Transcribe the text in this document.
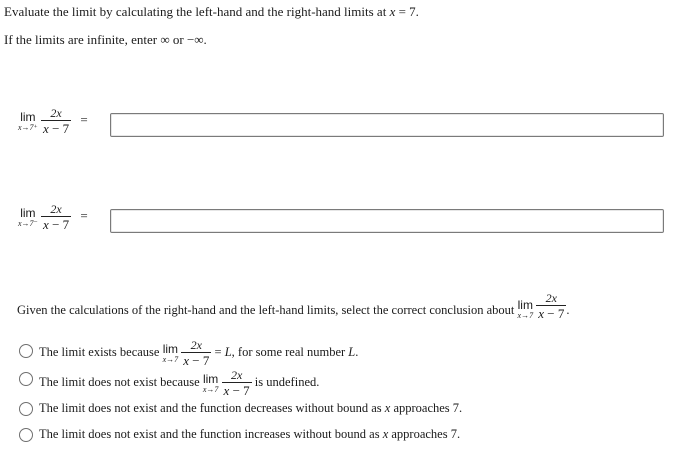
Evaluate the limit by calculating the left-hand and the right-hand limits at x = 7.
If the limits are infinite, enter ∞ or −∞.
lim
x→7⁺
$\frac{2x}{x - 7}$ =
lim
x→7⁻
$\frac{2x}{x - 7}$ =
Given the calculations of the right-hand and the left-hand limits, select the correct conclusion about lim
x→7
$\frac{2x}{x - 7}$ .
The limit exists because lim
x→7
$\frac{2x}{x - 7} = L$, for some real number L.
The limit does not exist because lim
x→7
$\frac{2x}{x - 7}$ is undefined.
The limit does not exist and the function decreases without bound as x approaches 7.
The limit does not exist and the function increases without bound as x approaches 7.
